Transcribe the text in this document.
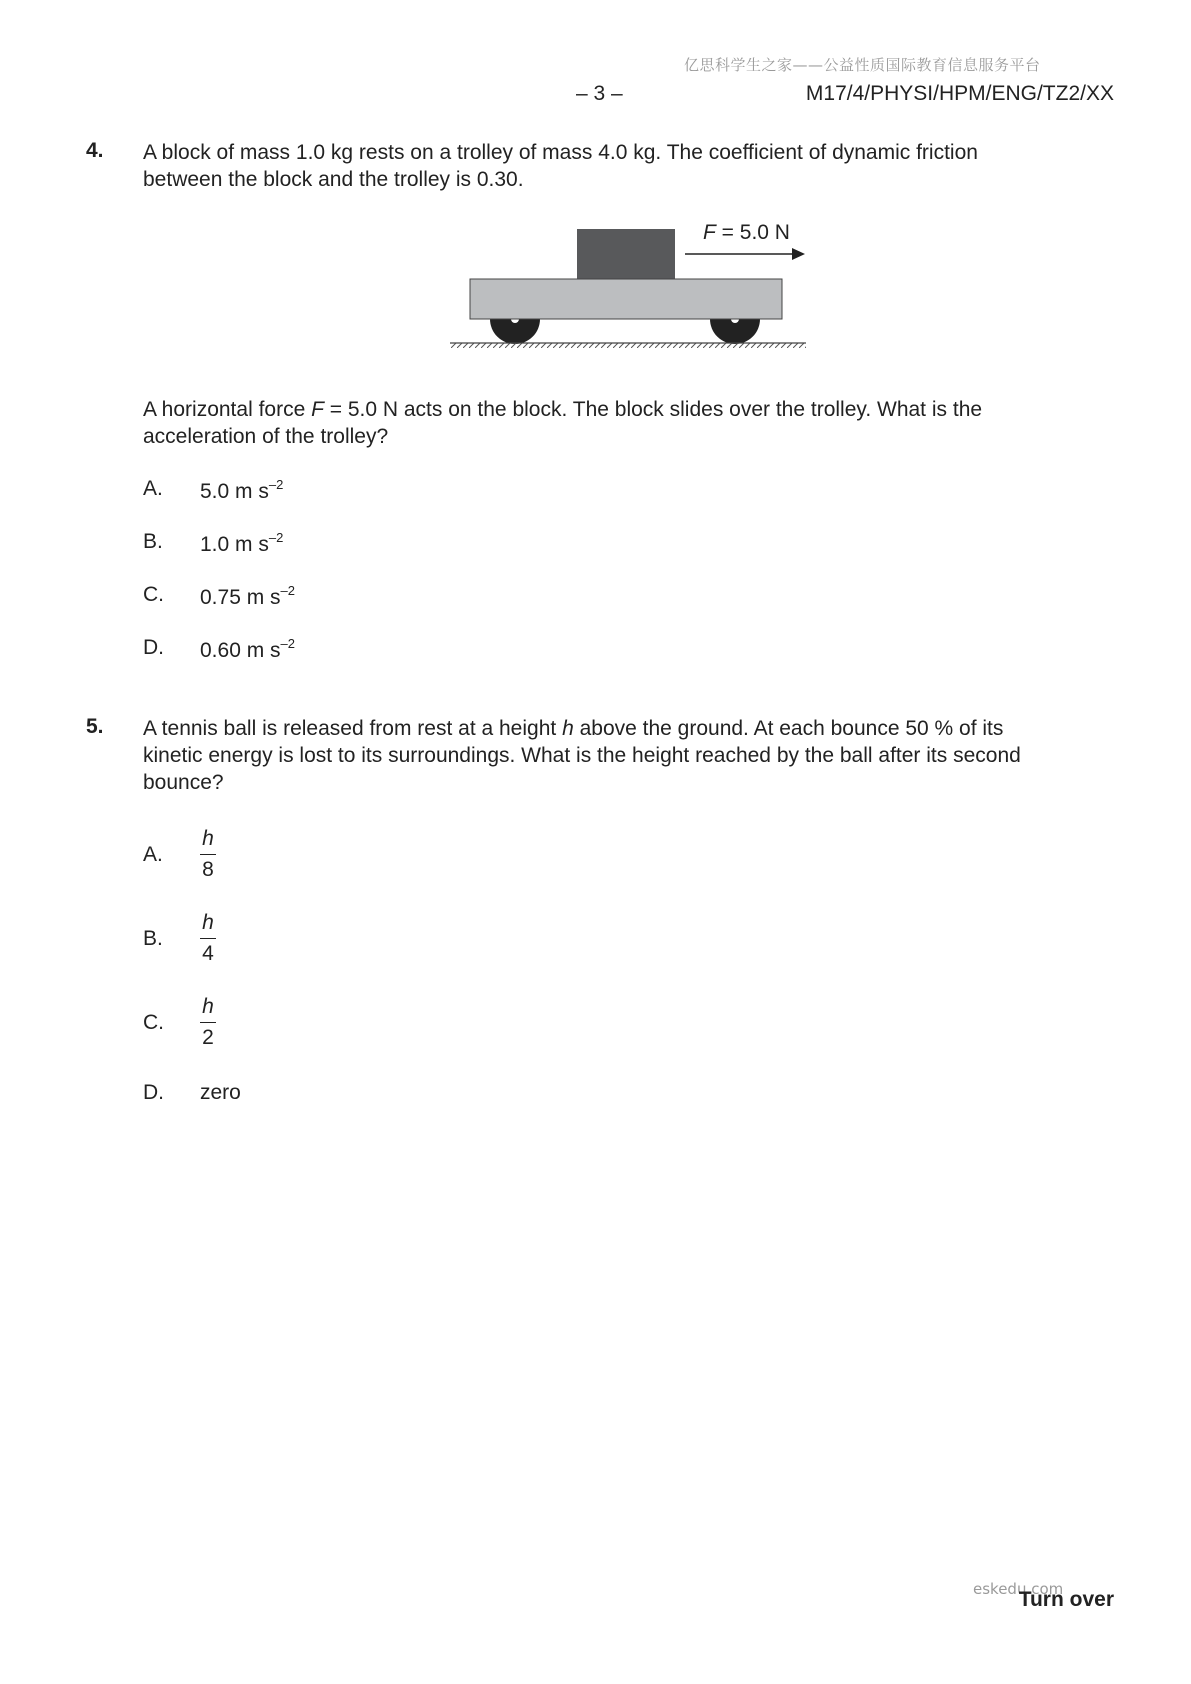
亿思科学生之家——公益性质国际教育信息服务平台
– 3 –	M17/4/PHYSI/HPM/ENG/TZ2/XX
4. A block of mass 1.0 kg rests on a trolley of mass 4.0 kg. The coefficient of dynamic friction between the block and the trolley is 0.30.
F = 5.0 N
A horizontal force F = 5.0 N acts on the block. The block slides over the trolley. What is the acceleration of the trolley?
A. 5.0 m $s^{-2}$
B. 1.0 m $s^{-2}$
C. 0.75 m $s^{-2}$
D. 0.60 m $s^{-2}$
5. A tennis ball is released from rest at a height h above the ground. At each bounce 50 % of its kinetic energy is lost to its surroundings. What is the height reached by the ball after its second bounce?
A. $\frac{h}{8}$
B. $\frac{h}{4}$
C. $\frac{h}{2}$
D. zero
eskedu.com
Turn over
